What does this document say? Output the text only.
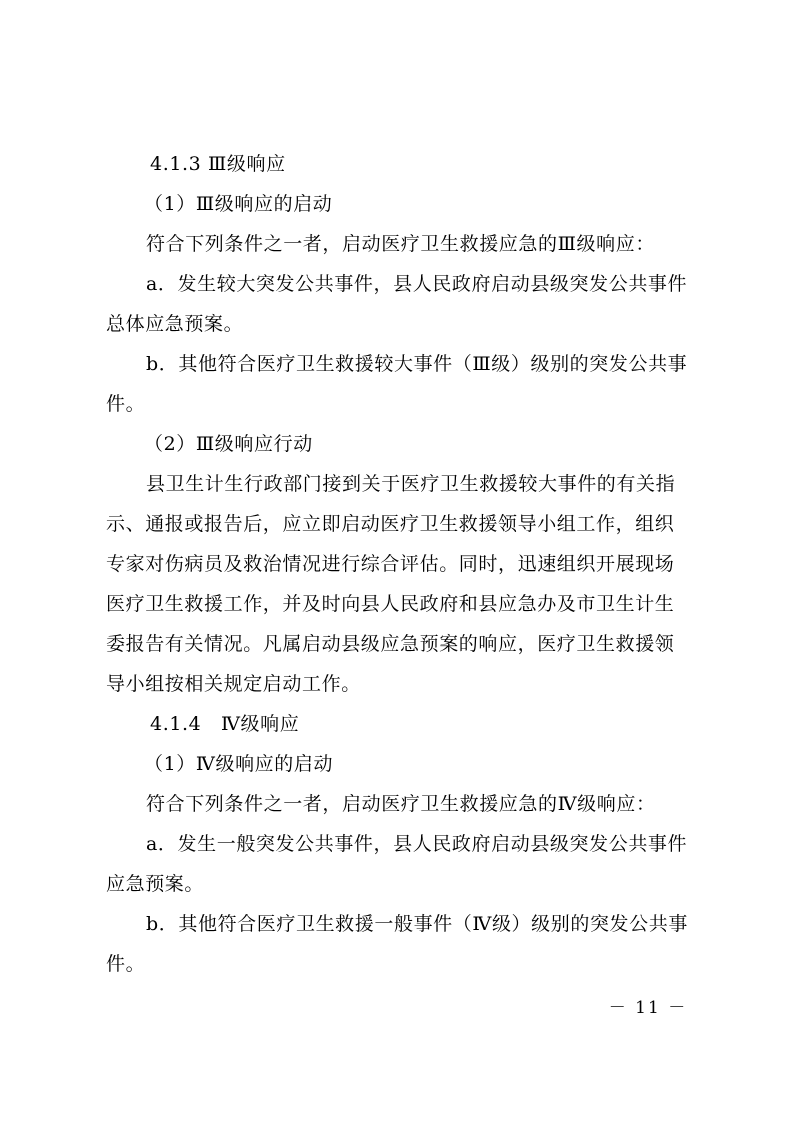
4.1.3 Ⅲ级响应

（1）Ⅲ级响应的启动

符合下列条件之一者，启动医疗卫生救援应急的Ⅲ级响应：

a．发生较大突发公共事件，县人民政府启动县级突发公共事件总体应急预案。

b．其他符合医疗卫生救援较大事件（Ⅲ级）级别的突发公共事件。

（2）Ⅲ级响应行动

县卫生计生行政部门接到关于医疗卫生救援较大事件的有关指　示、通报或报告后，应立即启动医疗卫生救援领导小组工作，组织专家对伤病员及救治情况进行综合评估。同时，迅速组织开展现场医疗卫生救援工作，并及时向县人民政府和县应急办及市卫生计生委报告有关情况。凡属启动县级应急预案的响应，医疗卫生救援领导小组按相关规定启动工作。

4.1.4　Ⅳ级响应

（1）Ⅳ级响应的启动

符合下列条件之一者，启动医疗卫生救援应急的Ⅳ级响应：

a．发生一般突发公共事件，县人民政府启动县级突发公共事件应急预案。

b．其他符合医疗卫生救援一般事件（Ⅳ级）级别的突发公共事件。

－ 11 －
